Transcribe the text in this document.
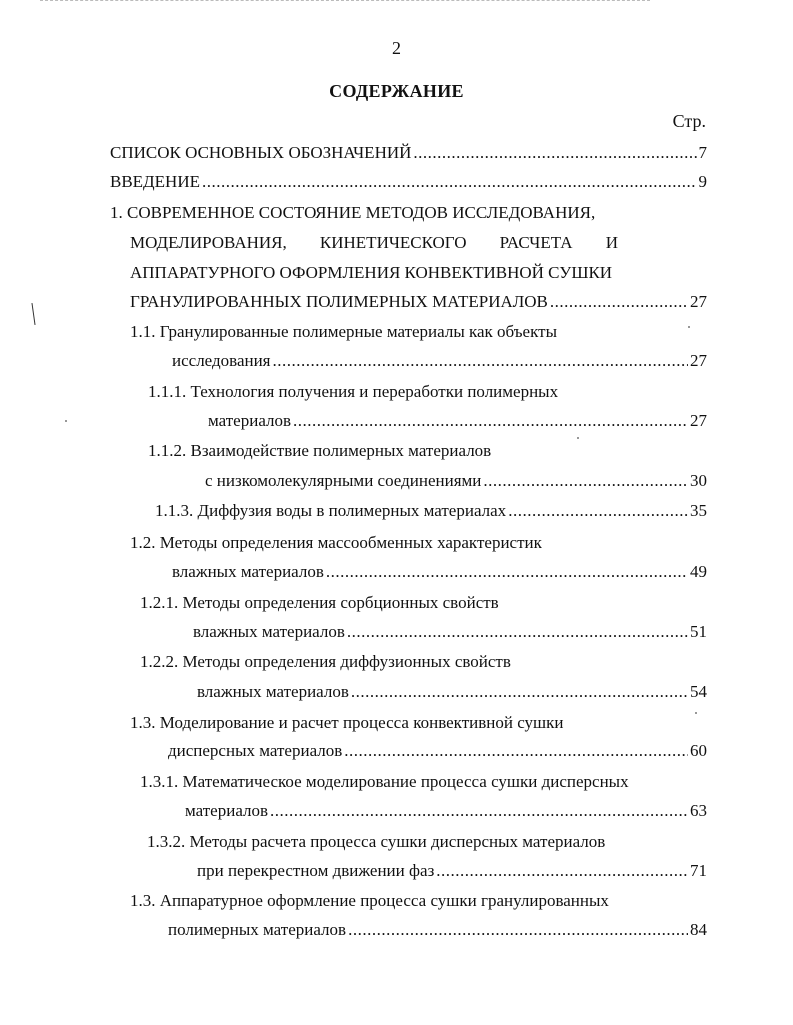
2
СОДЕРЖАНИЕ
Стр.
СПИСОК ОСНОВНЫХ ОБОЗНАЧЕНИЙ .....	7
ВВЕДЕНИЕ .....	9
1. СОВРЕМЕННОЕ СОСТОЯНИЕ МЕТОДОВ ИССЛЕДОВАНИЯ,
МОДЕЛИРОВАНИЯ, КИНЕТИЧЕСКОГО РАСЧЕТА И
АППАРАТУРНОГО ОФОРМЛЕНИЯ КОНВЕКТИВНОЙ СУШКИ
ГРАНУЛИРОВАННЫХ ПОЛИМЕРНЫХ МАТЕРИАЛОВ .....	27
1.1. Гранулированные полимерные материалы как объекты
исследования .....	27
1.1.1. Технология получения и переработки полимерных
материалов .....	27
1.1.2. Взаимодействие полимерных материалов
с низкомолекулярными соединениями .....	30
1.1.3. Диффузия воды в полимерных материалах .....	35
1.2. Методы определения массообменных характеристик
влажных материалов .....	49
1.2.1. Методы определения сорбционных свойств
влажных материалов .....	51
1.2.2. Методы определения диффузионных свойств
влажных материалов .....	54
1.3. Моделирование и расчет процесса конвективной сушки
дисперсных материалов .....	60
1.3.1. Математическое моделирование процесса сушки дисперсных
материалов .....	63
1.3.2. Методы расчета процесса сушки дисперсных материалов
при перекрестном движении фаз .....	71
1.3. Аппаратурное оформление процесса сушки гранулированных
полимерных материалов .....	84
